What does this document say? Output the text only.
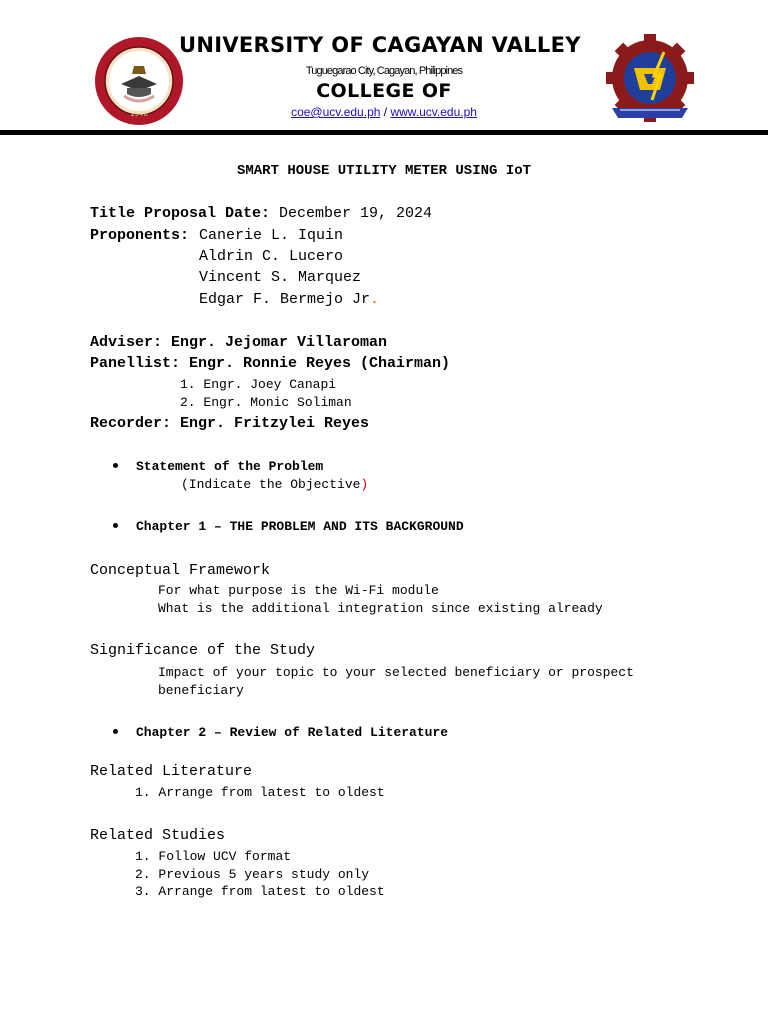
1948
UNIVERSITY OF CAGAYAN VALLEY
Tuguegarao City, Cagayan, Philippines
COLLEGE OF
coe@ucv.edu.ph / www.ucv.edu.ph
SMART HOUSE UTILITY METER USING IoT
Title Proposal Date: December 19, 2024
Proponents: Canerie L. Iquin
Aldrin C. Lucero
Vincent S. Marquez
Edgar F. Bermejo Jr.
Adviser: Engr. Jejomar Villaroman
Panellist: Engr. Ronnie Reyes (Chairman)
1. Engr. Joey Canapi
2. Engr. Monic Soliman
Recorder: Engr. Fritzylei Reyes
Statement of the Problem
(Indicate the Objective)
Chapter 1 – THE PROBLEM AND ITS BACKGROUND
Conceptual Framework
For what purpose is the Wi-Fi module
What is the additional integration since existing already
Significance of the Study
Impact of your topic to your selected beneficiary or prospect
beneficiary
Chapter 2 – Review of Related Literature
Related Literature
1. Arrange from latest to oldest
Related Studies
1. Follow UCV format
2. Previous 5 years study only
3. Arrange from latest to oldest
